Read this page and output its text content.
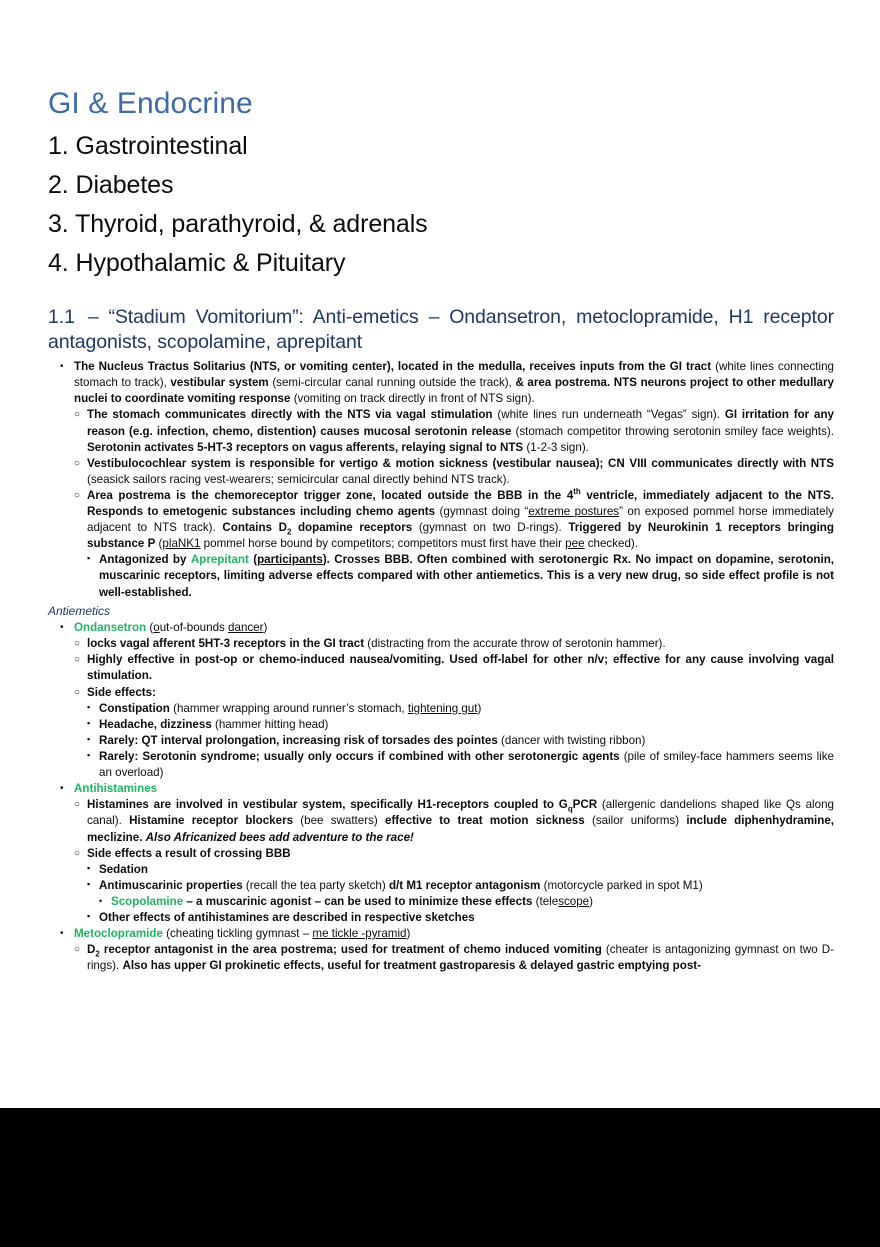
GI & Endocrine
1. Gastrointestinal
2. Diabetes
3. Thyroid, parathyroid, & adrenals
4. Hypothalamic & Pituitary
1.1 – “Stadium Vomitorium”: Anti-emetics – Ondansetron, metoclopramide, H1 receptor antagonists, scopolamine, aprepitant
• The Nucleus Tractus Solitarius (NTS, or vomiting center), located in the medulla, receives inputs from the GI tract (white lines connecting stomach to track), vestibular system (semi-circular canal running outside the track), & area postrema. NTS neurons project to other medullary nuclei to coordinate vomiting response (vomiting on track directly in front of NTS sign).
○ The stomach communicates directly with the NTS via vagal stimulation (white lines run underneath “Vegas” sign). GI irritation for any reason (e.g. infection, chemo, distention) causes mucosal serotonin release (stomach competitor throwing serotonin smiley face weights). Serotonin activates 5-HT-3 receptors on vagus afferents, relaying signal to NTS (1-2-3 sign).
○ Vestibulocochlear system is responsible for vertigo & motion sickness (vestibular nausea); CN VIII communicates directly with NTS (seasick sailors racing vest-wearers; semicircular canal directly behind NTS track).
○ Area postrema is the chemoreceptor trigger zone, located outside the BBB in the 4th ventricle, immediately adjacent to the NTS. Responds to emetogenic substances including chemo agents (gymnast doing “extreme postures” on exposed pommel horse immediately adjacent to NTS track). Contains $D_2$ dopamine receptors (gymnast on two D-rings). Triggered by Neurokinin 1 receptors bringing substance P (plaNK1 pommel horse bound by competitors; competitors must first have their pee checked).
▪ Antagonized by Aprepitant (participants). Crosses BBB. Often combined with serotonergic Rx. No impact on dopamine, serotonin, muscarinic receptors, limiting adverse effects compared with other antiemetics. This is a very new drug, so side effect profile is not well-established.
Antiemetics
• Ondansetron (out-of-bounds dancer)
○ locks vagal afferent 5HT-3 receptors in the GI tract (distracting from the accurate throw of serotonin hammer).
○ Highly effective in post-op or chemo-induced nausea/vomiting. Used off-label for other n/v; effective for any cause involving vagal stimulation.
○ Side effects:
▪ Constipation (hammer wrapping around runner’s stomach, tightening gut)
▪ Headache, dizziness (hammer hitting head)
▪ Rarely: QT interval prolongation, increasing risk of torsades des pointes (dancer with twisting ribbon)
▪ Rarely: Serotonin syndrome; usually only occurs if combined with other serotonergic agents (pile of smiley-face hammers seems like an overload)
• Antihistamines
○ Histamines are involved in vestibular system, specifically H1-receptors coupled to $G_qPCR$ (allergenic dandelions shaped like Qs along canal). Histamine receptor blockers (bee swatters) effective to treat motion sickness (sailor uniforms) include diphenhydramine, meclizine. Also Africanized bees add adventure to the race!
○ Side effects a result of crossing BBB
▪ Sedation
▪ Antimuscarinic properties (recall the tea party sketch) d/t M1 receptor antagonism (motorcycle parked in spot M1)
• Scopolamine – a muscarinic agonist – can be used to minimize these effects (telescope)
▪ Other effects of antihistamines are described in respective sketches
• Metoclopramide (cheating tickling gymnast – me tickle -pyramid)
○ $D_2$ receptor antagonist in the area postrema; used for treatment of chemo induced vomiting (cheater is antagonizing gymnast on two D-rings). Also has upper GI prokinetic effects, useful for treatment gastroparesis & delayed gastric emptying post-
